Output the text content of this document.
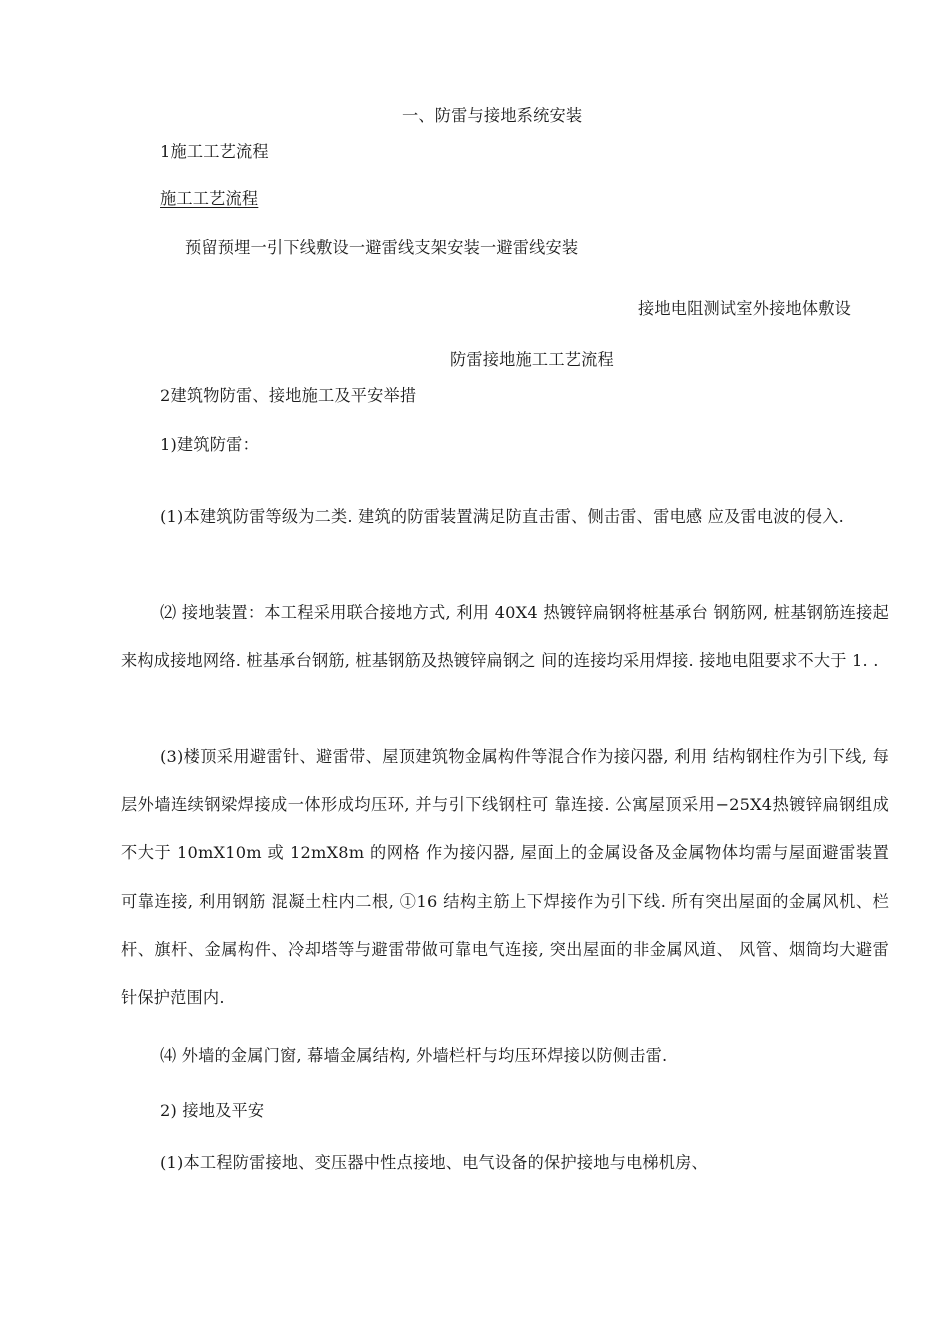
一、防雷与接地系统安装
1施工工艺流程
施工工艺流程
预留预埋一引下线敷设一避雷线支架安装一避雷线安装
接地电阻测试室外接地体敷设
防雷接地施工工艺流程
2建筑物防雷、接地施工及平安举措
1)建筑防雷：
(1)本建筑防雷等级为二类. 建筑的防雷装置满足防直击雷、侧击雷、雷电感 应及雷电波的侵入.
⑵ 接地装置：本工程采用联合接地方式, 利用 40X4 热镀锌扁钢将桩基承台 钢筋网, 桩基钢筋连接起来构成接地网络. 桩基承台钢筋, 桩基钢筋及热镀锌扁钢之 间的连接均采用焊接. 接地电阻要求不大于 1. .
(3)楼顶采用避雷针、避雷带、屋顶建筑物金属构件等混合作为接闪器, 利用 结构钢柱作为引下线, 每层外墙连续钢梁焊接成一体形成均压环, 并与引下线钢柱可 靠连接. 公寓屋顶采用−25X4热镀锌扁钢组成不大于 10mX10m 或 12mX8m 的网格 作为接闪器, 屋面上的金属设备及金属物体均需与屋面避雷装置可靠连接, 利用钢筋 混凝土柱内二根, ①16 结构主筋上下焊接作为引下线. 所有突出屋面的金属风机、栏 杆、旗杆、金属构件、冷却塔等与避雷带做可靠电气连接, 突出屋面的非金属风道、 风管、烟筒均大避雷针保护范围内.
⑷ 外墙的金属门窗, 幕墙金属结构, 外墙栏杆与均压环焊接以防侧击雷.
2) 接地及平安
(1)本工程防雷接地、变压器中性点接地、电气设备的保护接地与电梯机房、
